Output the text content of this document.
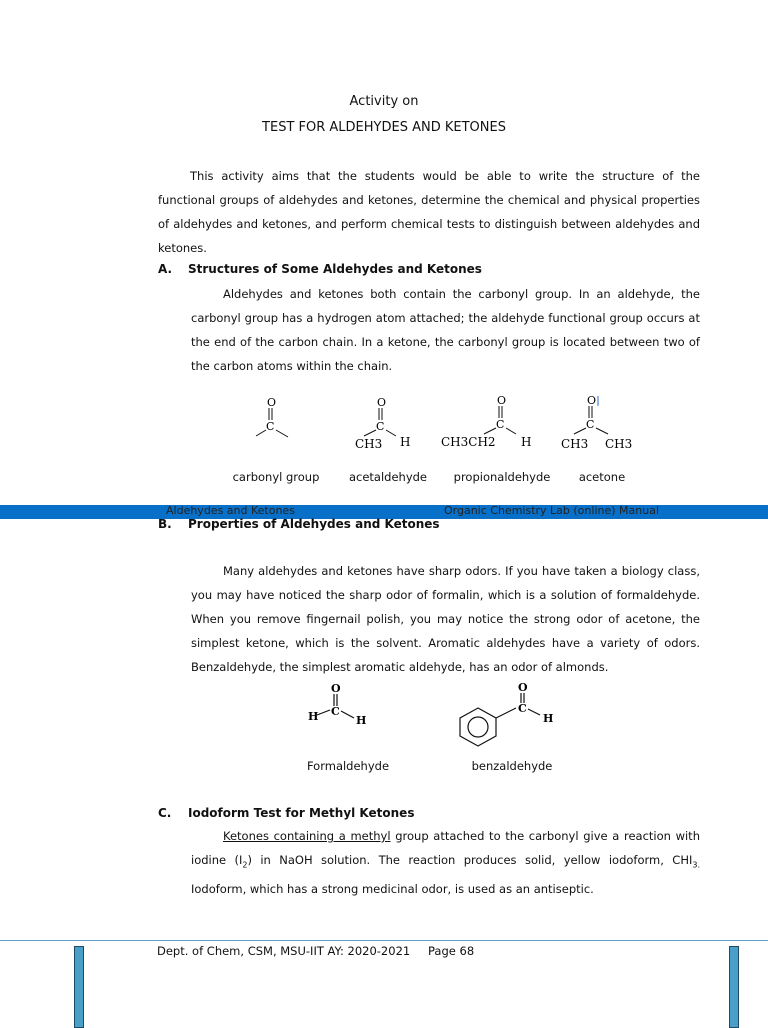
Activity on
TEST FOR ALDEHYDES AND KETONES
This activity aims that the students would be able to write the structure of the functional groups of aldehydes and ketones, determine the chemical and physical properties of aldehydes and ketones, and perform chemical tests to distinguish between aldehydes and ketones.
A. Structures of Some Aldehydes and Ketones
Aldehydes and ketones both contain the carbonyl group. In an aldehyde, the carbonyl group has a hydrogen atom attached; the aldehyde functional group occurs at the end of the carbon chain. In a ketone, the carbonyl group is located between two of the carbon atoms within the chain.
O
C
O
C
CH3 H
O
C
CH3CH2 H
O
C
CH3 CH3
carbonyl group	acetaldehyde	propionaldehyde	acetone
Aldehydes and Ketones	Organic Chemistry Lab (online) Manual
B. Properties of Aldehydes and Ketones
Many aldehydes and ketones have sharp odors. If you have taken a biology class, you may have noticed the sharp odor of formalin, which is a solution of formaldehyde. When you remove fingernail polish, you may notice the strong odor of acetone, the simplest ketone, which is the solvent. Aromatic aldehydes have a variety of odors. Benzaldehyde, the simplest aromatic aldehyde, has an odor of almonds.
O
C
H	H
O
C
H
Formaldehyde	benzaldehyde
C. Iodoform Test for Methyl Ketones
Ketones containing a methyl group attached to the carbonyl give a reaction with iodine $(I_2)$ in NaOH solution. The reaction produces solid, yellow iodoform, $CHI_{3.}$ Iodoform, which has a strong medicinal odor, is used as an antiseptic.
Dept. of Chem, CSM, MSU-IIT AY: 2020-2021 Page 68
